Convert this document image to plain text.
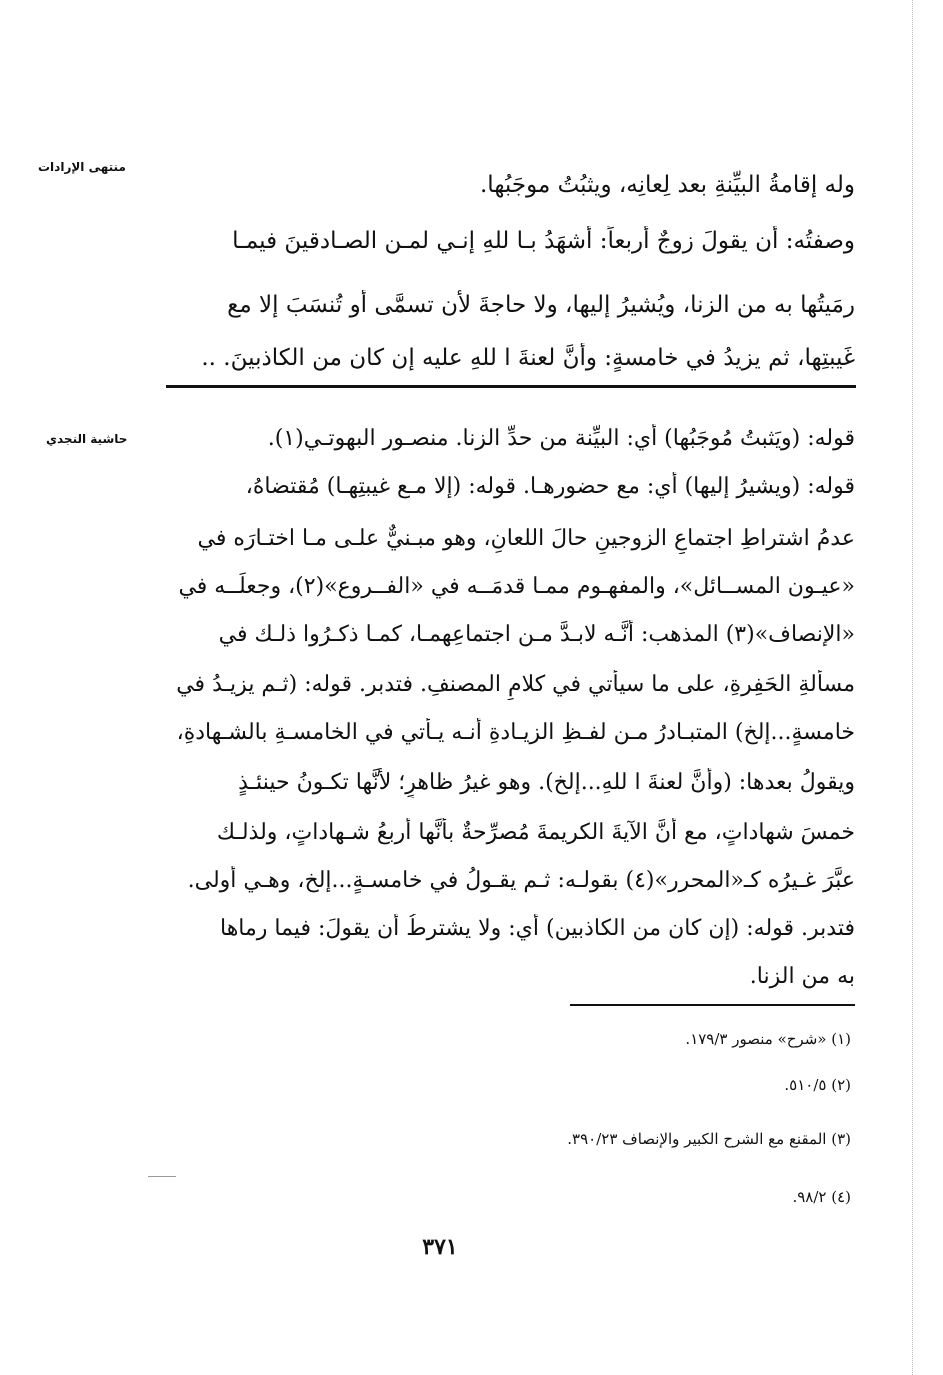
منتهى الإرادات
حاشية النجدي
وله إقامةُ البيِّنةِ بعد لِعانِه، ويثبُتُ موجَبُها.
وصفتُه: أن يقولَ زوجٌ أربعاً: أشهَدُ بـا للهِ إنـي لمـن الصـادقينَ فيمـا
رمَيتُها به من الزنا، ويُشيرُ إليها، ولا حاجةَ لأن تسمَّى أو تُنسَبَ إلا مع
غَيبتِها، ثم يزيدُ في خامسةٍ: وأنَّ لعنةَ ا للهِ عليه إن كان من الكاذبينَ. ..
قوله: (ويَثبتُ مُوجَبُها) أي: البيِّنة من حدِّ الزنا. منصـور البهوتـي(١).
قوله: (ويشيرُ إليها) أي: مع حضورهـا. قوله: (إلا مـع غيبتِهـا) مُقتضاهُ،
عدمُ اشتراطِ اجتماعِ الزوجينِ حالَ اللعانِ، وهو مبـنيٌّ علـى مـا اختـارَه في
«عيـون المســائل»، والمفهـوم ممـا قدمَــه في «الفــروع»(٢)، وجعلَــه في
«الإنصاف»(٣) المذهب: أنَّـه لابـدَّ مـن اجتماعِهمـا، كمـا ذكـرُوا ذلـك في
مسألةِ الحَفِرةِ، على ما سيأتي في كلامِ المصنفِ. فتدبر. قوله: (ثـم يزيـدُ في
خامسةٍ...إلخ) المتبـادرُ مـن لفـظِ الزيـادةِ أنـه يـأتي في الخامسـةِ بالشـهادةِ،
ويقولُ بعدها: (وأنَّ لعنةَ ا للهِ...إلخ). وهو غيرُ ظاهرٍ؛ لأنَّها تكـونُ حينئـذٍ
خمسَ شهاداتٍ، مع أنَّ الآيةَ الكريمةَ مُصرِّحةٌ بأنَّها أربعُ شـهاداتٍ، ولذلـك
عبَّرَ غـيرُه كـ«المحرر»(٤) بقولـه: ثـم يقـولُ في خامسـةٍ...إلخ، وهـي أَولى.
فتدبر. قوله: (إن كان من الكاذبين) أي: ولا يشترطُ أن يقولَ: فيما رماها
به من الزنا.
(١) «شرح» منصور ١٧٩/٣.
(٢) ٥١٠/٥.
(٣) المقنع مع الشرح الكبير والإنصاف ٣٩٠/٢٣.
(٤) ٩٨/٢.
٣٧١
